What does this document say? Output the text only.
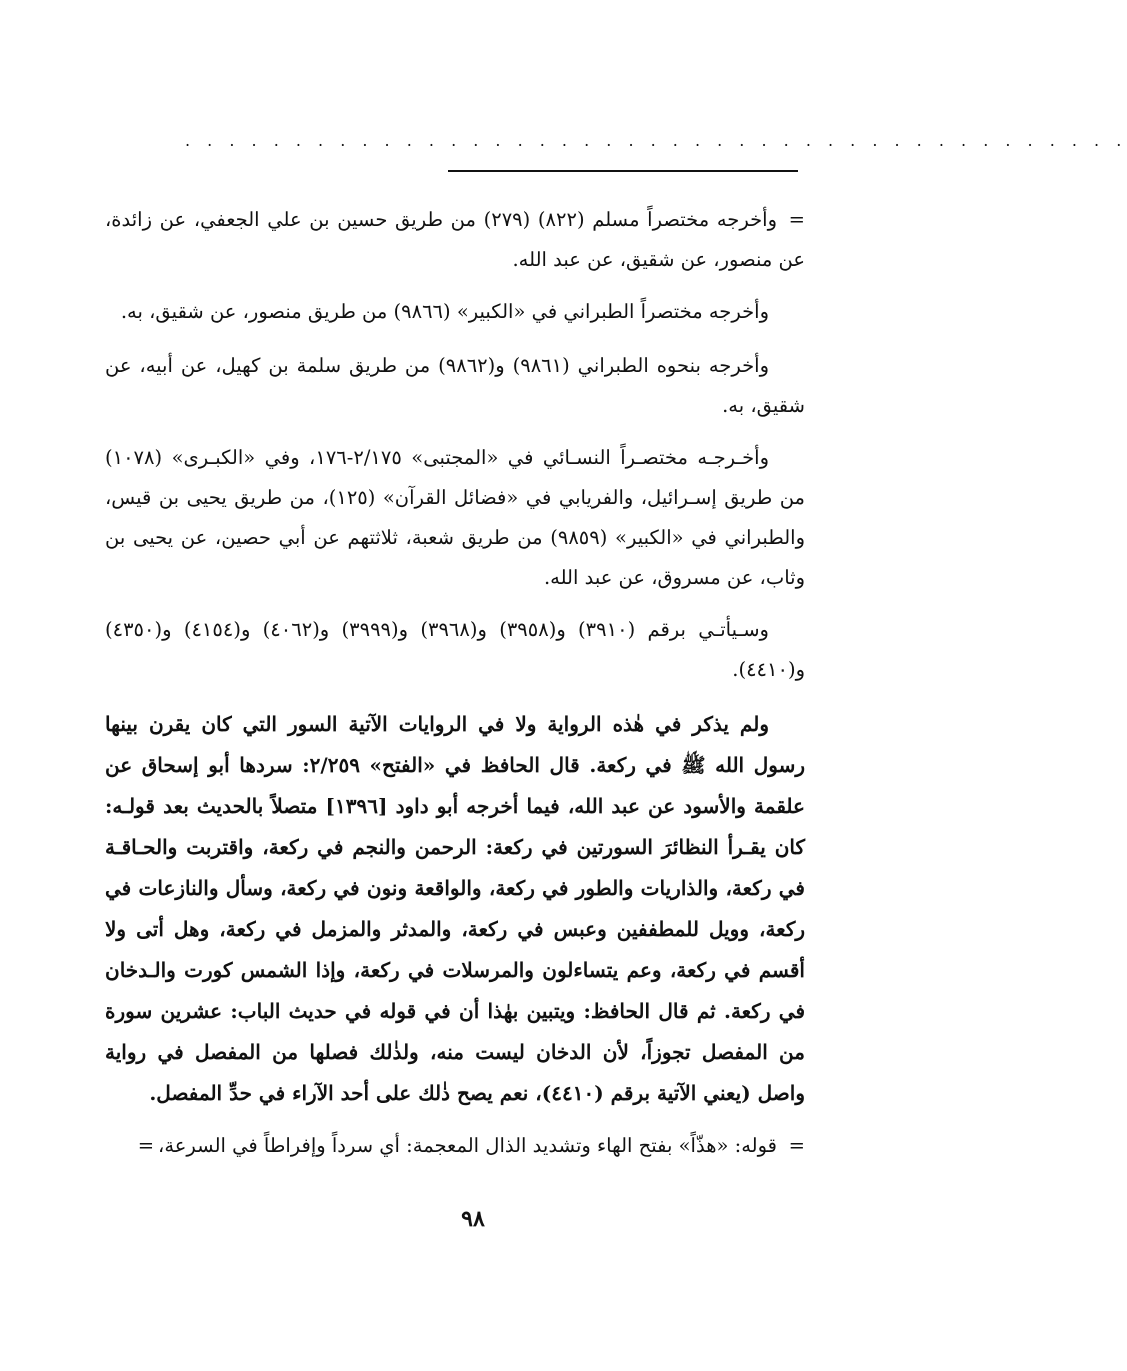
. . . . . . . . . . . . . . . . . . . . . . . . . . . . . . . . . . . . . . . . . . .

=وأخرجه مختصراً مسلم (٨٢٢) (٢٧٩) من طريق حسين بن علي الجعفي، عن زائدة، عن منصور، عن شقيق، عن عبد الله.

وأخرجه مختصراً الطبراني في «الكبير» (٩٨٦٦) من طريق منصور، عن شقيق، به.

وأخرجه بنحوه الطبراني (٩٨٦١) و(٩٨٦٢) من طريق سلمة بن كهيل، عن أبيه، عن شقيق، به.

وأخـرجـه مختصـراً النسـائي في «المجتبى» ٢/١٧٥-١٧٦، وفي «الكبـرى» (١٠٧٨) من طريق إسـرائيل، والفريابي في «فضائل القرآن» (١٢٥)، من طريق يحيى بن قيس، والطبراني في «الكبير» (٩٨٥٩) من طريق شعبة، ثلاثتهم عن أبي حصين، عن يحيى بن وثاب، عن مسروق، عن عبد الله.

وسـيأتـي برقم (٣٩١٠) و(٣٩٥٨) و(٣٩٦٨) و(٣٩٩٩) و(٤٠٦٢) و(٤١٥٤) و(٤٣٥٠) و(٤٤١٠).

ولم يذكر في هٰذه الرواية ولا في الروايات الآتية السور التي كان يقرن بينها رسول الله ﷺ في ركعة. قال الحافظ في «الفتح» ٢/٢٥٩: سردها أبو إسحاق عن علقمة والأسود عن عبد الله، فيما أخرجه أبو داود [١٣٩٦] متصلاً بالحديث بعد قولـه: كان يقـرأ النظائرَ السورتين في ركعة: الرحمن والنجم في ركعة، واقتربت والحـاقـة في ركعة، والذاريات والطور في ركعة، والواقعة ونون في ركعة، وسأل والنازعات في ركعة، وويل للمطففين وعبس في ركعة، والمدثر والمزمل في ركعة، وهل أتى ولا أقسم في ركعة، وعم يتساءلون والمرسلات في ركعة، وإذا الشمس كورت والـدخان في ركعة. ثم قال الحافظ: ويتبين بهٰذا أن في قوله في حديث الباب: عشرين سورة من المفصل تجوزاً، لأن الدخان ليست منه، ولذٰلك فصلها من المفصل في رواية واصل (يعني الآتية برقم (٤٤١٠)، نعم يصح ذٰلك على أحد الآراء في حدِّ المفصل.

=قوله: «هذّاً» بفتح الهاء وتشديد الذال المعجمة: أي سرداً وإفراطاً في السرعة،=

٩٨
